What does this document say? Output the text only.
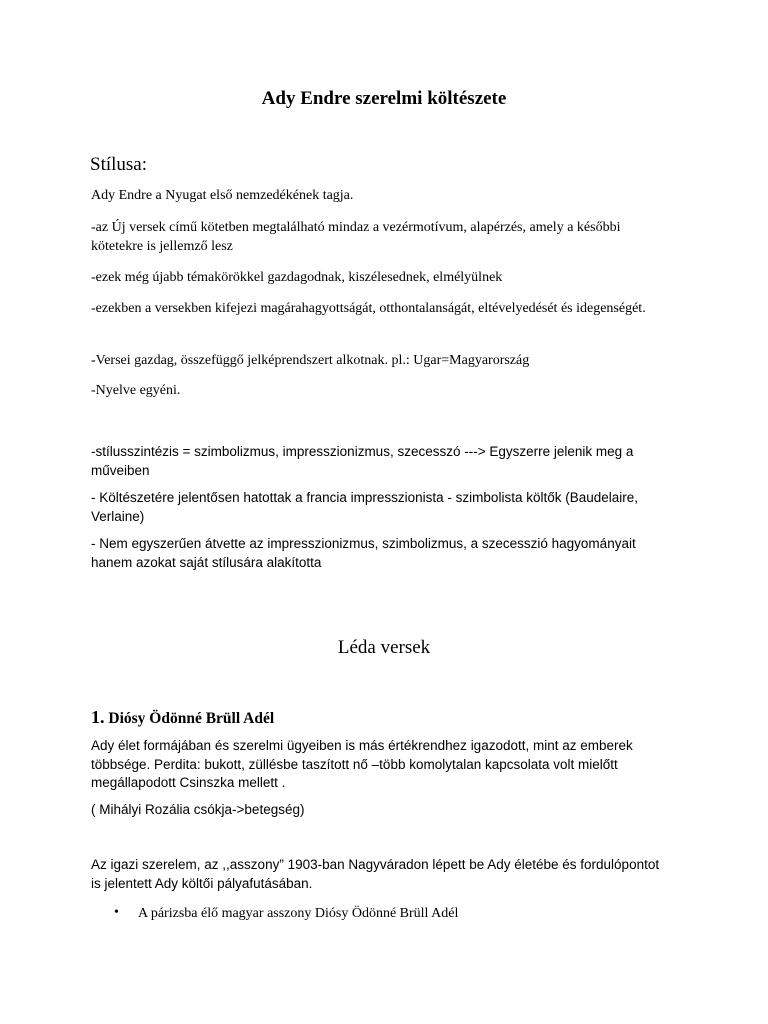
Ady Endre szerelmi költészete
Stílusa:

Ady Endre a Nyugat első nemzedékének tagja.

-az Új versek című kötetben megtalálható mindaz a vezérmotívum, alapérzés, amely a későbbi kötetekre is jellemző lesz

-ezek még újabb témakörökkel gazdagodnak, kiszélesednek, elmélyülnek

-ezekben a versekben kifejezi magárahagyottságát, otthontalanságát, eltévelyedését és idegenségét.

-Versei gazdag, összefüggő jelképrendszert alkotnak. pl.: Ugar=Magyarország

-Nyelve egyéni.

-stílusszintézis = szimbolizmus, impresszionizmus, szecesszó ---> Egyszerre jelenik meg a műveiben

- Költészetére jelentősen hatottak a francia impresszionista - szimbolista költők (Baudelaire, Verlaine)

- Nem egyszerűen átvette az impresszionizmus, szimbolizmus, a szecesszió hagyományait hanem azokat saját stílusára alakította

Léda versek
1. Diósy Ödönné Brüll Adél

Ady élet formájában és szerelmi ügyeiben is más értékrendhez igazodott, mint az emberek többsége. Perdita: bukott, züllésbe taszított nő –több komolytalan kapcsolata volt mielőtt megállapodott Csinszka mellett .

( Mihályi Rozália csókja->betegség)

Az igazi szerelem, az ,,asszony” 1903-ban Nagyváradon lépett be Ady életébe és fordulópontot is jelentett Ady költői pályafutásában.

• A párizsba élő magyar asszony Diósy Ödönné Brüll Adél
